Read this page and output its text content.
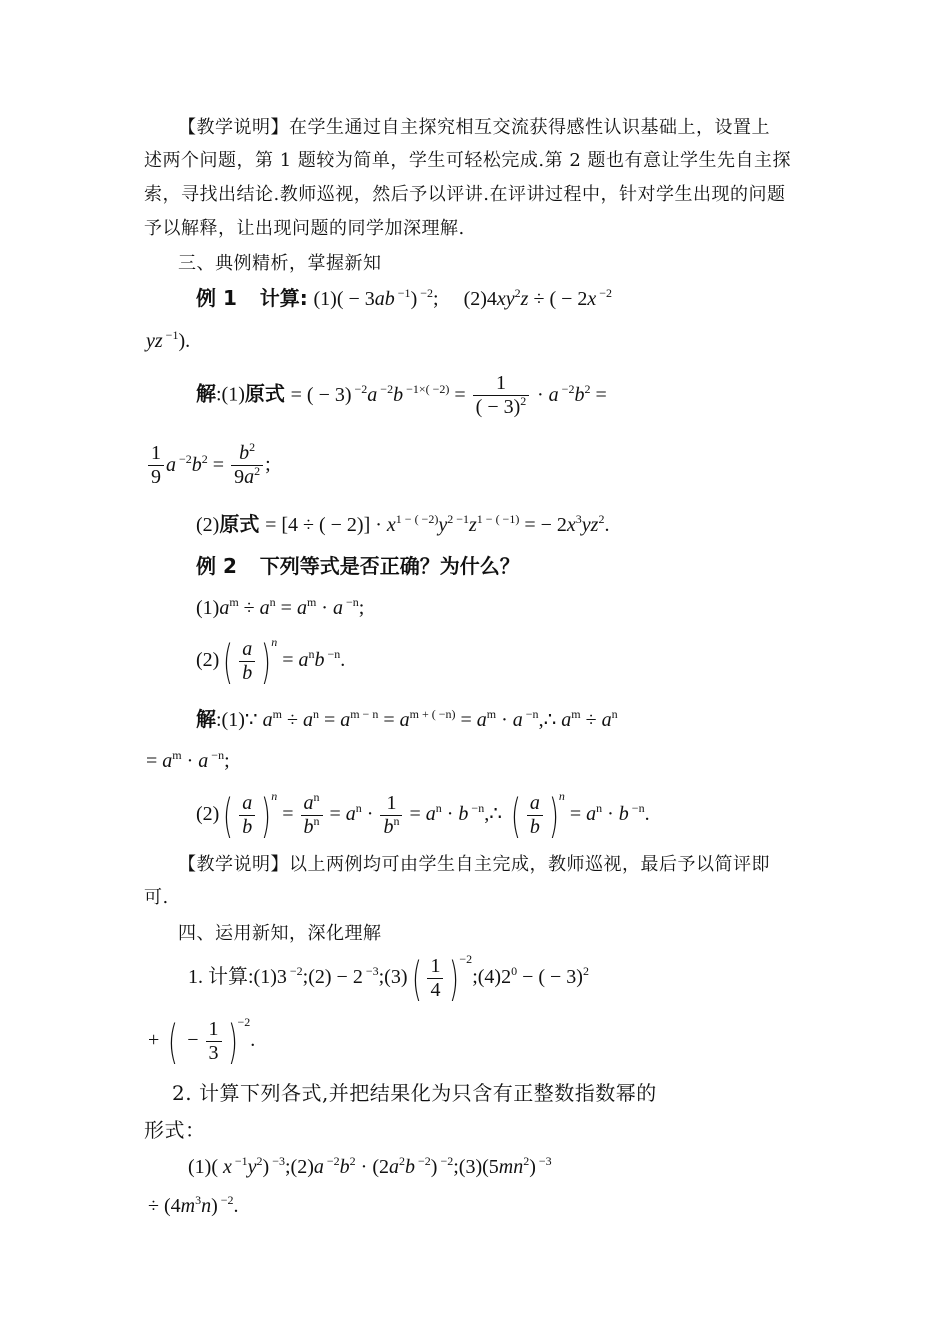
【教学说明】在学生通过自主探究相互交流获得感性认识基础上，设置上
述两个问题，第 1 题较为简单，学生可轻松完成.第 2 题也有意让学生先自主探
索，寻找出结论.教师巡视，然后予以评讲.在评讲过程中，针对学生出现的问题
予以解释，让出现问题的同学加深理解.
三、典例精析，掌握新知
例 1 计算: (1)( − 3ab $^{-1}$) $^{-2}$;     $(2)4xy^2z$ ÷ ( − 2x $^{-2}$
yz $^{-1}$).
解:(1)原式 = ( − 3) $^{-2}$a $^{-2}$b $^{-1\times( -2)} = \frac{1}{( - 3)^2} \cdot a$ $^{-2}b^2$ =
$\frac{1}{9}$ a $^{-2}b^2 = \frac{b^2}{9a^2}$ ;
(2)原式 = [4 ÷ ( − $2)] \cdot x^{1 - ( -2)}y^{2 -1}z^{1 - ( -1)}$ = − $2x^3yz^2$.
例 2 下列等式是否正确？为什么？
$(1)a^m \div a^n = a^m \cdot a$ $^{-n}$;
$(2)( \frac{a}{b} )n = a^nb$ $^{-n}$.
解:(1)∵ $a^m \div a^n = a^{m - n} = a^{m + ( -n)} = a^m \cdot a$ $^{-n}$,∴ $a^m \div a^n$
= $a^m \cdot a$ $^{-n}$;
$(2)( \frac{a}{b} )n = \frac{a^n}{b^n} = a^n \cdot \frac{1}{b^n} = a^n \cdot b$ $^{-n}$,∴ ( $\frac{a}{b} )n = a^n \cdot b$ $^{-n}$.
【教学说明】以上两例均可由学生自主完成，教师巡视，最后予以简评即
可.
四、运用新知，深化理解
1. 计算:(1)3 $^{-2}$;(2) − 2 $^{-3}$;(3)( $\frac{1}{4}$ )$-2;(4)2^0$ − ( − 3)$^2$
+ ( − $\frac{1}{3} )-2$.
2. 计算下列各式,并把结果化为只含有正整数指数幂的
形式：
(1)( x $^{-1}y^2$) $^{-3}$;(2)a $^{-2}b^2 \cdot (2a^2b$ $^{-2}$) $^{-2};(3)(5mn^2)$ $^{-3}$
÷ $(4m^3n)$ $^{-2}$.
